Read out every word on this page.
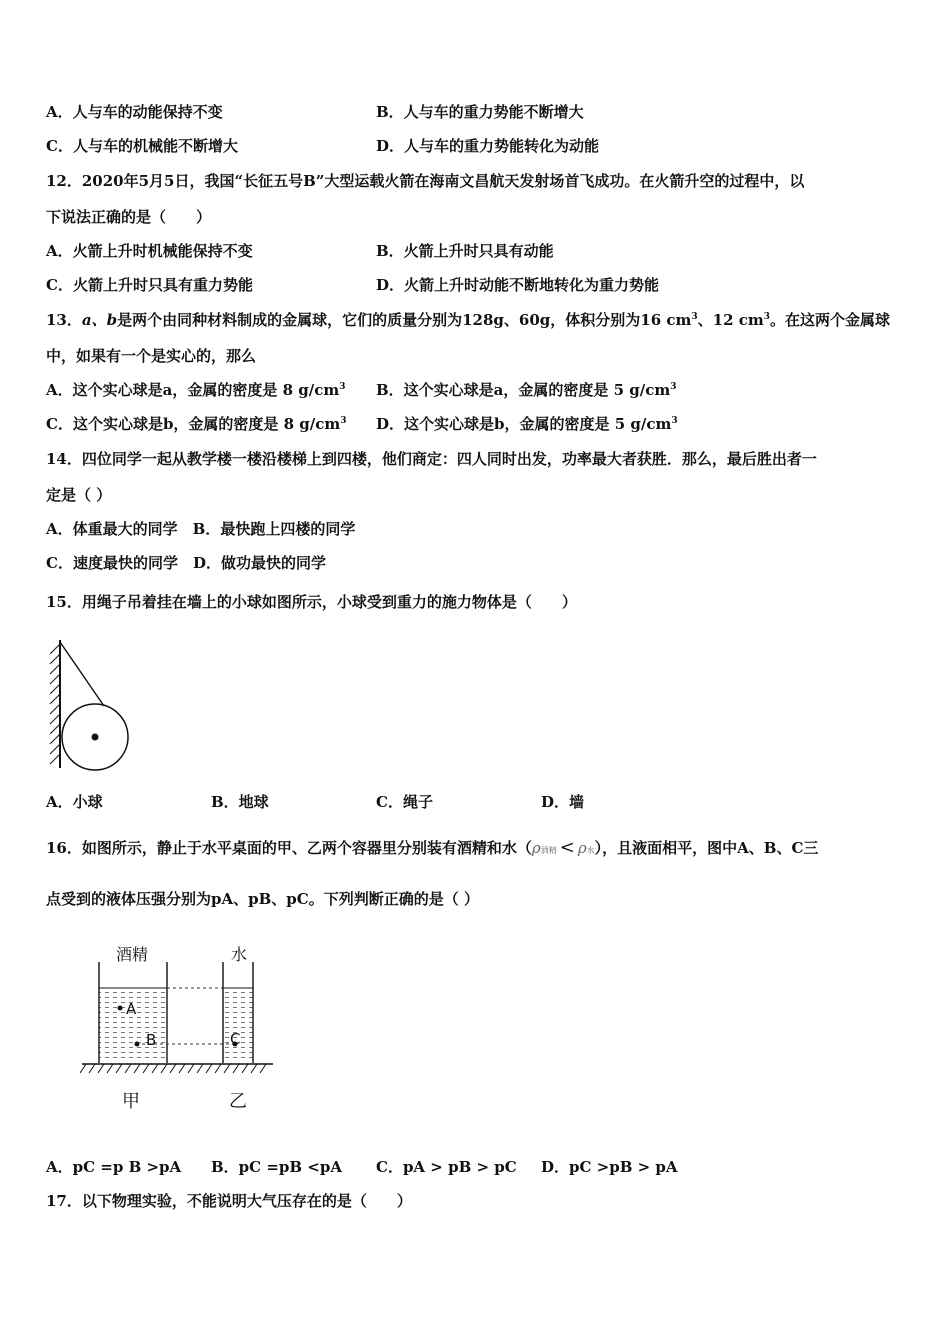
A．人与车的动能保持不变	B．人与车的重力势能不断增大
C．人与车的机械能不断增大	D．人与车的重力势能转化为动能
12．2020年5月5日，我国“长征五号B”大型运载火箭在海南文昌航天发射场首飞成功。在火箭升空的过程中，以
下说法正确的是（　　）
A．火箭上升时机械能保持不变	B．火箭上升时只具有动能
C．火箭上升时只具有重力势能	D．火箭上升时动能不断地转化为重力势能
13．a、b是两个由同种材料制成的金属球，它们的质量分别为128g、60g，体积分别为16 $cm^3$、12 $cm^3$。在这两个金属球
中，如果有一个是实心的，那么
A．这个实心球是a，金属的密度是 8 $g/cm^3$ B．这个实心球是a，金属的密度是 5 $g/cm^3$
C．这个实心球是b，金属的密度是 8 $g/cm^3$ D．这个实心球是b，金属的密度是 5 $g/cm^3$
14．四位同学一起从教学楼一楼沿楼梯上到四楼，他们商定：四人同时出发，功率最大者获胜．那么，最后胜出者一
定是（ ）
A．体重最大的同学　B．最快跑上四楼的同学
C．速度最快的同学　D．做功最快的同学
15．用绳子吊着挂在墙上的小球如图所示，小球受到重力的施力物体是（　　）
A．小球	B．地球	C．绳子	D．墙
16．如图所示，静止于水平桌面的甲、乙两个容器里分别装有酒精和水（ρ酒精 < ρ水），且液面相平，图中A、B、C三
点受到的液体压强分别为pA、pB、pC。下列判断正确的是（ ）
酒精	水
A
B	C
甲	乙
A．pC =p B >pA B．pC =pB <pA C．pA > pB > pC D．pC >pB > pA
17．以下物理实验，不能说明大气压存在的是（　　）
